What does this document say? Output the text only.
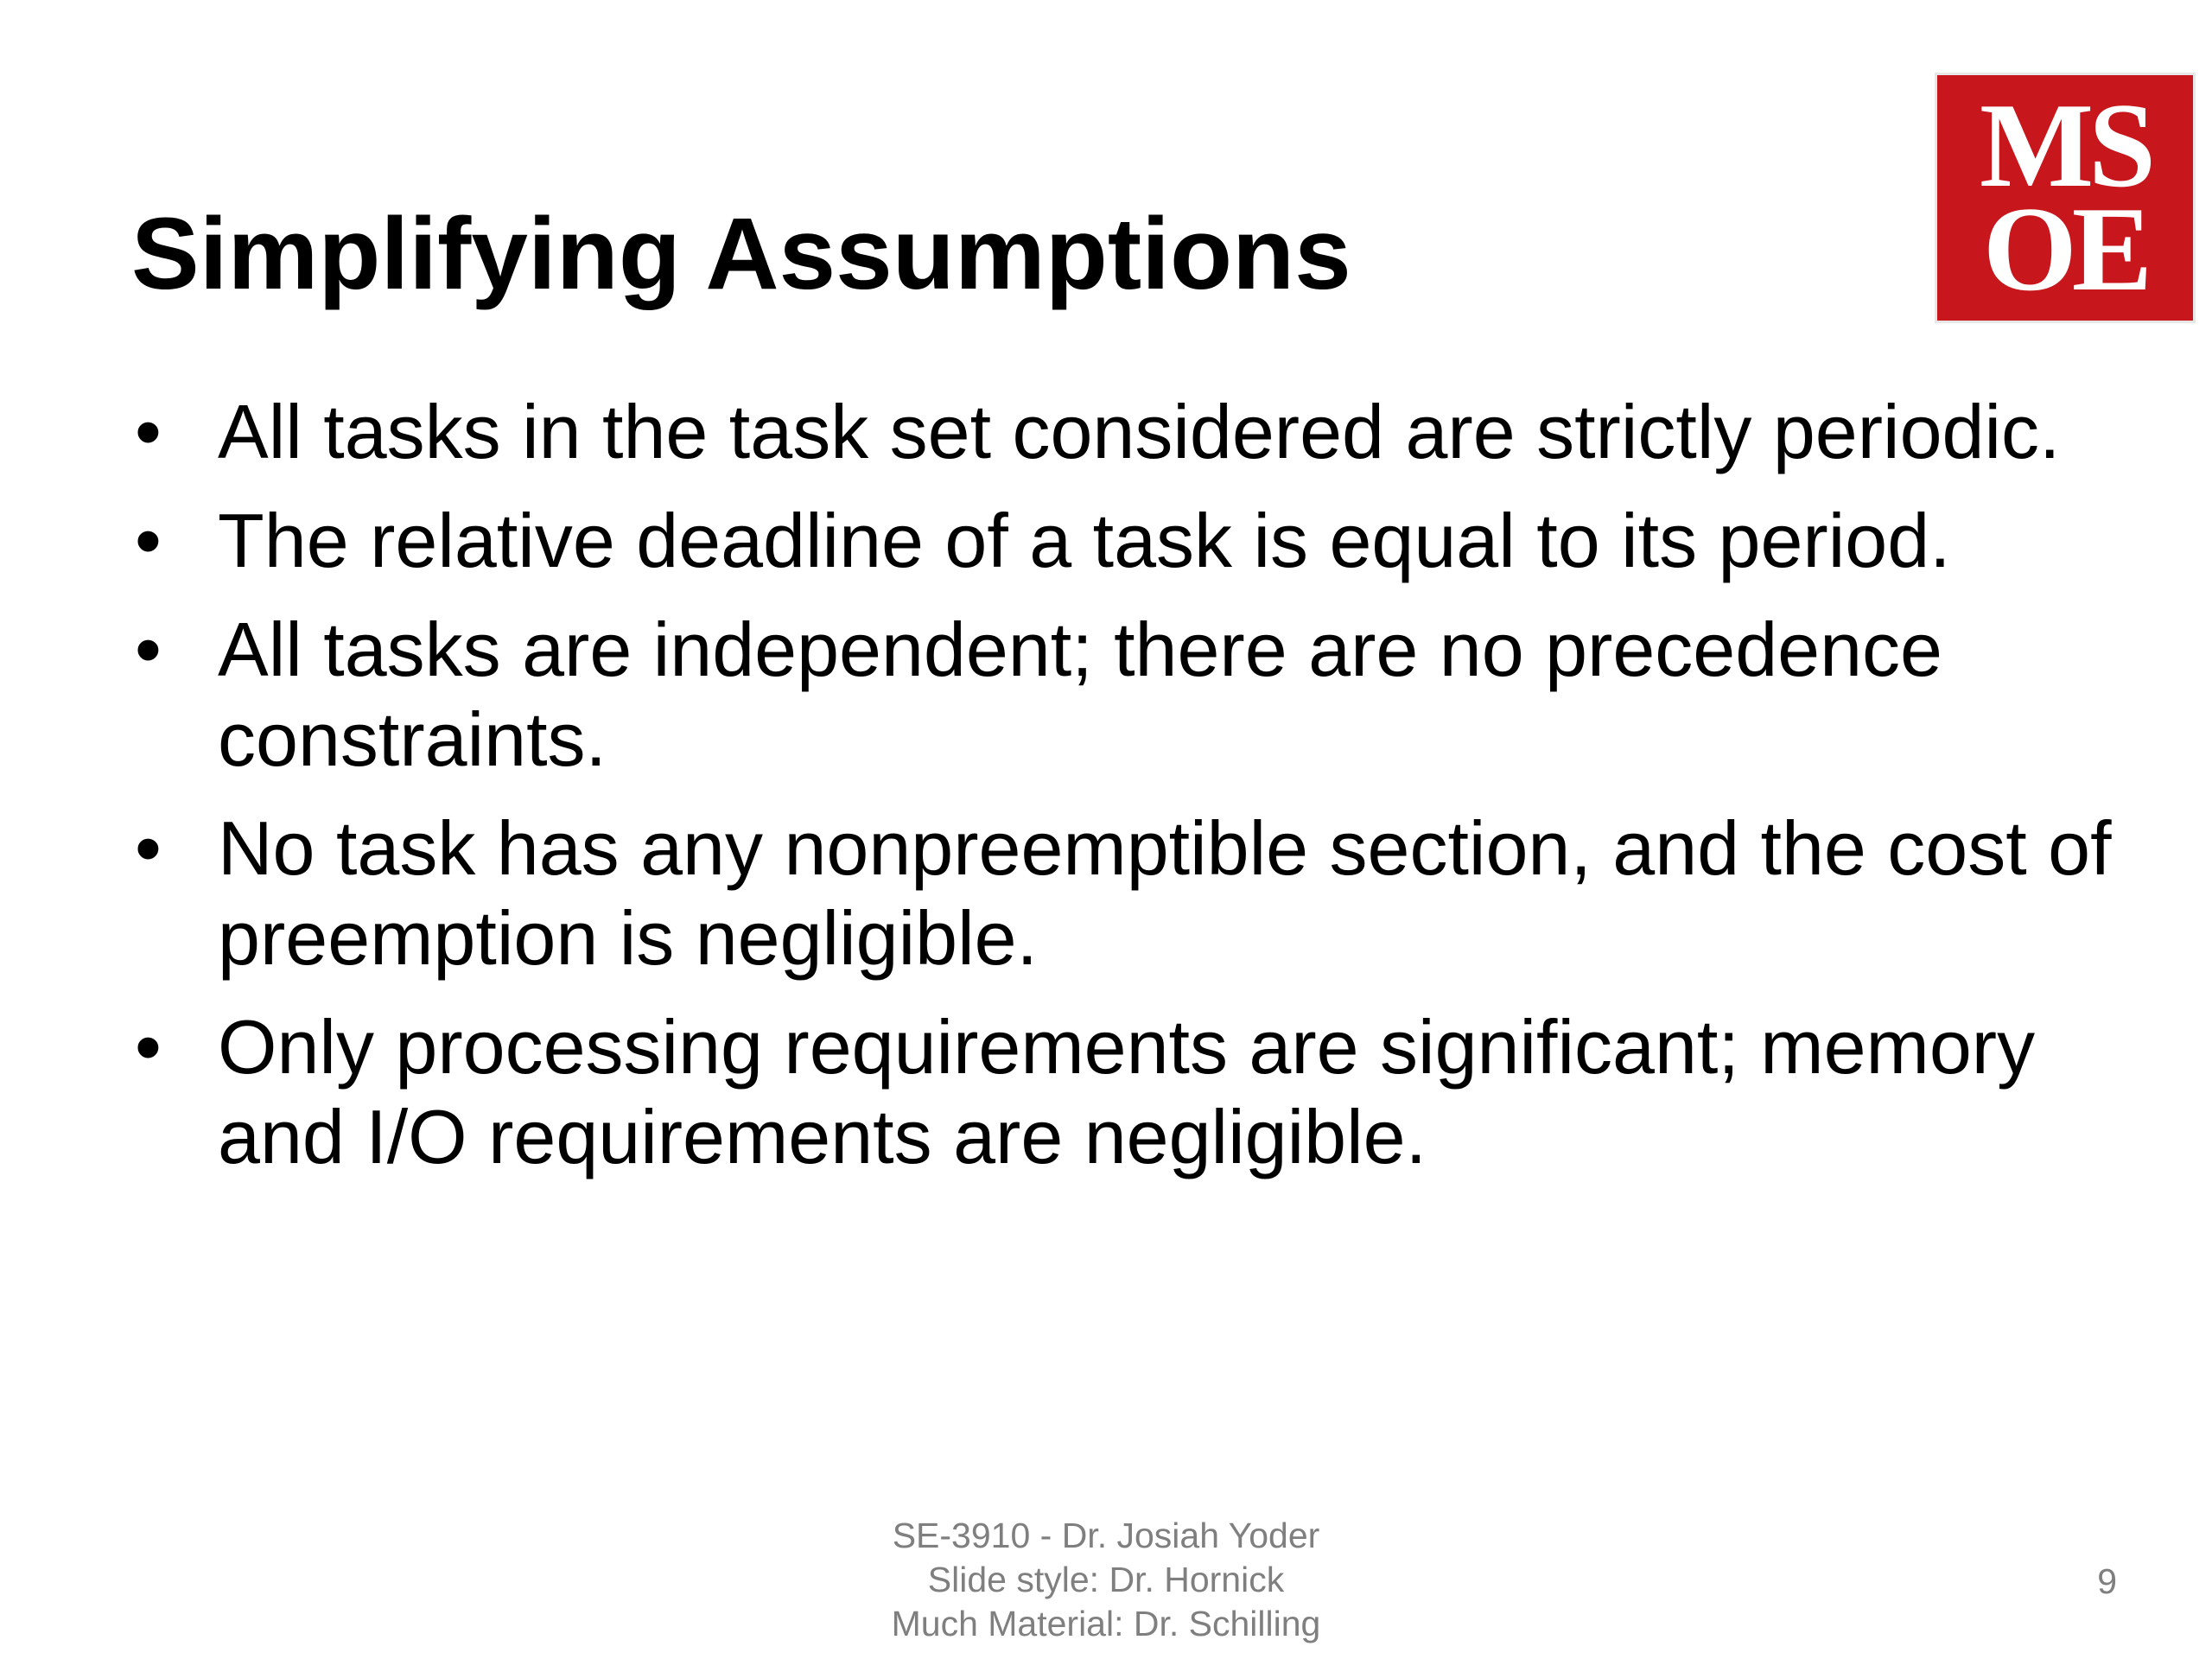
MS
OE
Simplifying Assumptions
• All tasks in the task set considered are strictly periodic.
• The relative deadline of a task is equal to its period.
• All tasks are independent; there are no precedence constraints.
• No task has any nonpreemptible section, and the cost of preemption is negligible.
• Only processing requirements are significant; memory and I/O requirements are negligible.
SE-3910 - Dr. Josiah Yoder
Slide style: Dr. Hornick
Much Material: Dr. Schilling
9
